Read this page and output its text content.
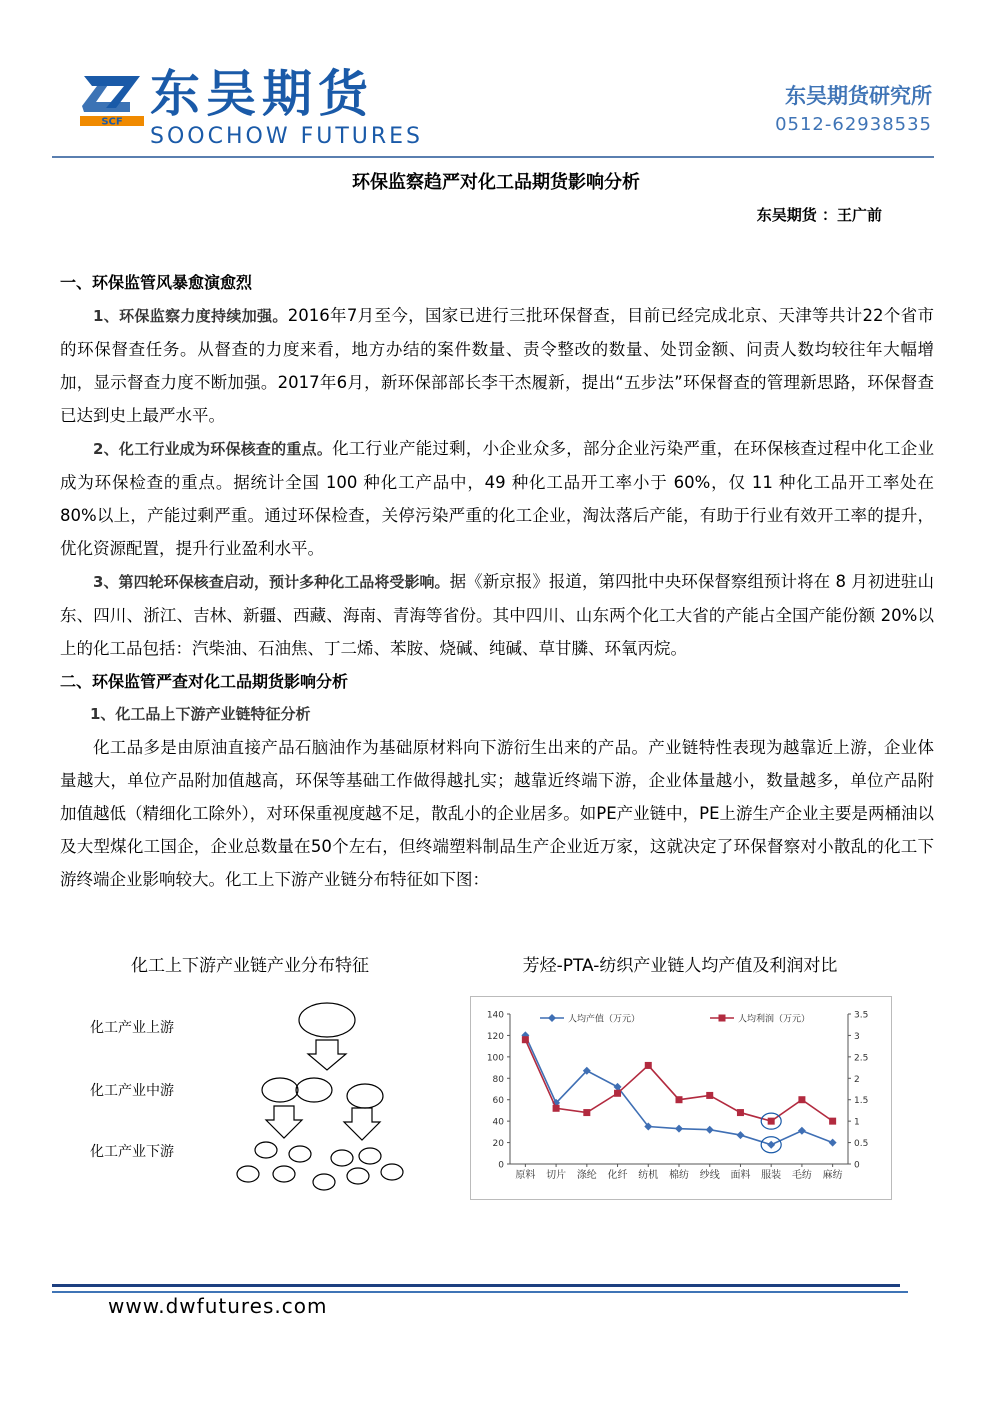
SCF 东吴期货
SOOCHOW FUTURES
东吴期货研究所
0512-62938535
环保监察趋严对化工品期货影响分析
东吴期货 ：王广前

一、环保监管风暴愈演愈烈

1、环保监察力度持续加强。2016年7月至今，国家已进行三批环保督查，目前已经完成北京、天津等共计22个省市的环保督查任务。从督查的力度来看，地方办结的案件数量、责令整改的数量、处罚金额、问责人数均较往年大幅增加，显示督查力度不断加强。2017年6月，新环保部部长李干杰履新，提出“五步法”环保督查的管理新思路，环保督查已达到史上最严水平。

2、化工行业成为环保核查的重点。化工行业产能过剩，小企业众多，部分企业污染严重，在环保核查过程中化工企业成为环保检查的重点。据统计全国 100 种化工产品中，49 种化工品开工率小于 60%，仅 11 种化工品开工率处在 80%以上，产能过剩严重。通过环保检查，关停污染严重的化工企业，淘汰落后产能，有助于行业有效开工率的提升，优化资源配置，提升行业盈利水平。

3、第四轮环保核查启动，预计多种化工品将受影响。据《新京报》报道，第四批中央环保督察组预计将在 8 月初进驻山东、四川、浙江、吉林、新疆、西藏、海南、青海等省份。其中四川、山东两个化工大省的产能占全国产能份额 20%以上的化工品包括：汽柴油、石油焦、丁二烯、苯胺、烧碱、纯碱、草甘膦、环氧丙烷。

二、环保监管严查对化工品期货影响分析

1、化工品上下游产业链特征分析

化工品多是由原油直接产品石脑油作为基础原材料向下游衍生出来的产品。产业链特性表现为越靠近上游，企业体量越大，单位产品附加值越高，环保等基础工作做得越扎实；越靠近终端下游，企业体量越小，数量越多，单位产品附加值越低（精细化工除外），对环保重视度越不足，散乱小的企业居多。如PE产业链中，PE上游生产企业主要是两桶油以及大型煤化工国企，企业总数量在50个左右，但终端塑料制品生产企业近万家，这就决定了环保督察对小散乱的化工下游终端企业影响较大。化工上下游产业链分布特征如下图：

化工上下游产业链产业分布特征	芳烃-PTA-纺织产业链人均产值及利润对比
化工产业上游
化工产业中游
化工产业下游
0
20
40
60
80
100
120
140
0
0.5
1
1.5
2
2.5
3
3.5
原料 切片 涤纶 化纤 纺机 棉纺 纱线 面料 服装 毛纺 麻纺
人均产值（万元）	人均利润（万元）
www.dwfutures.com
